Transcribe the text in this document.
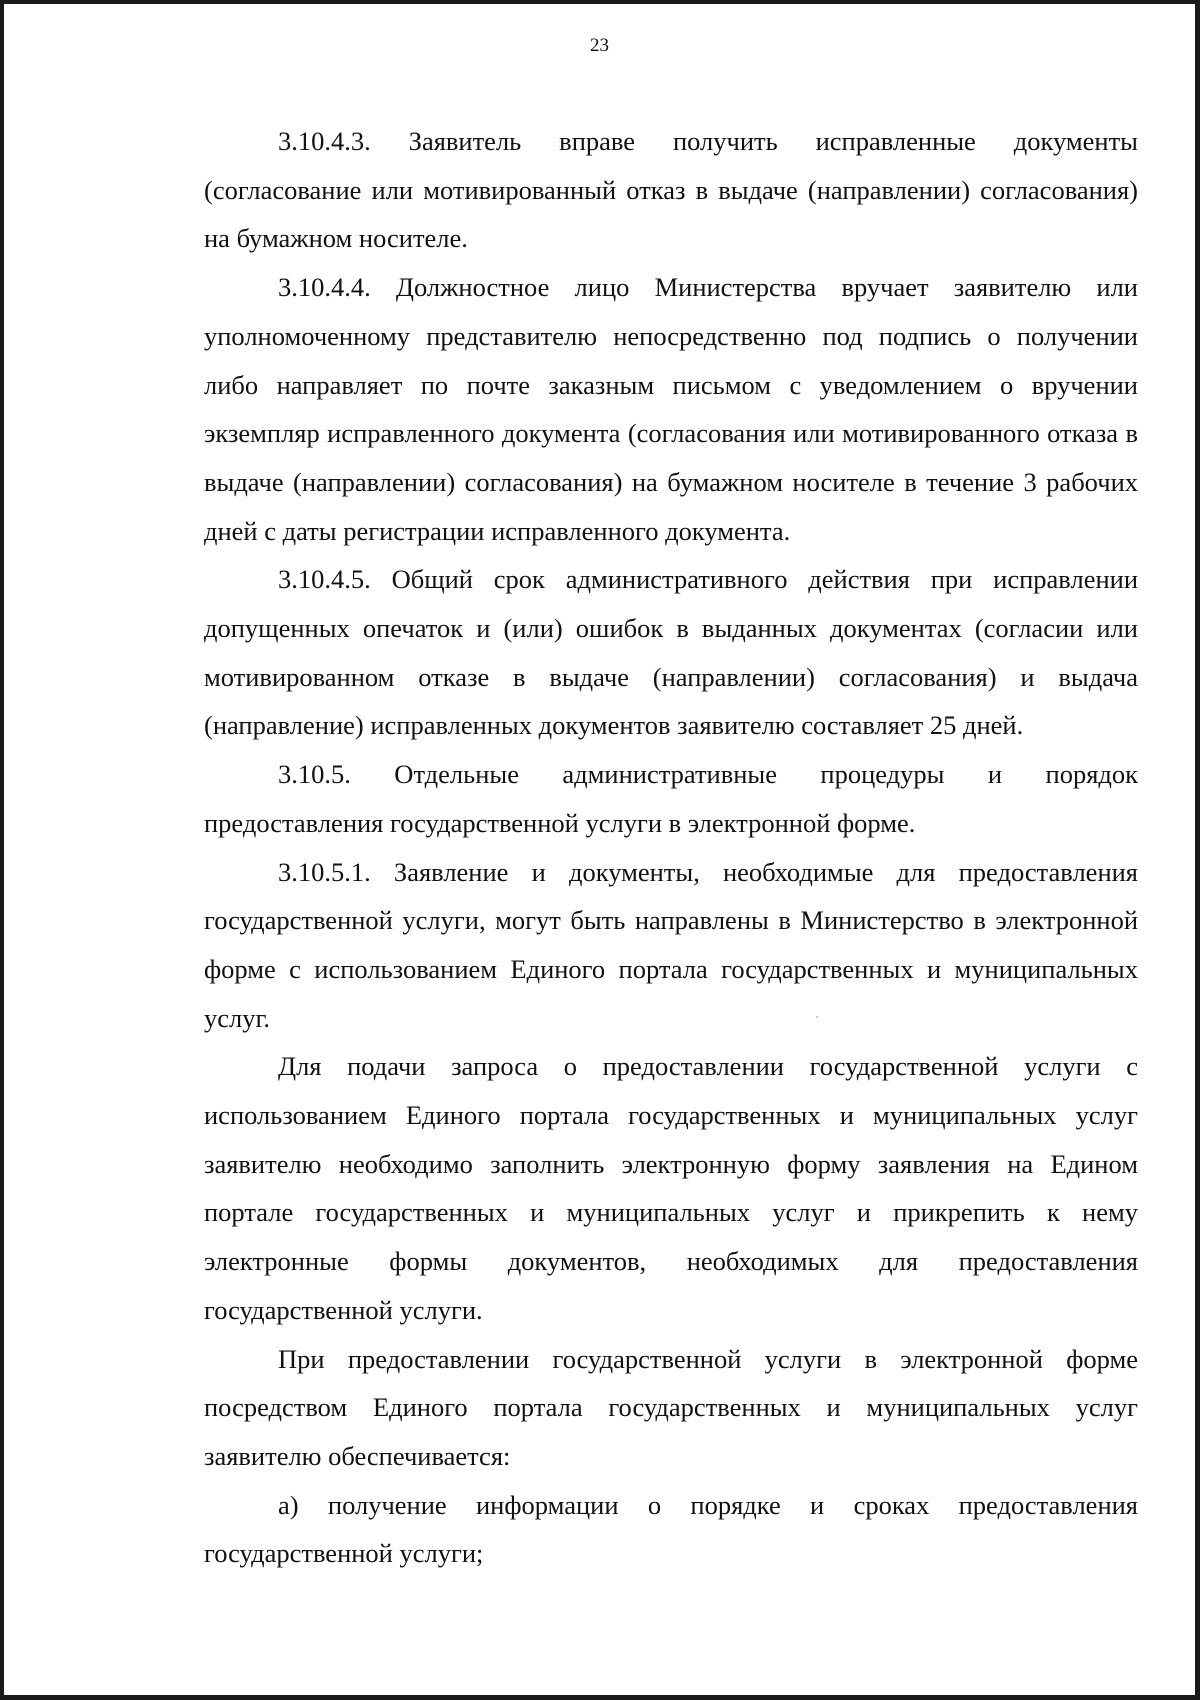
23

3.10.4.3. Заявитель вправе получить исправленные документы (согласование или мотивированный отказ в выдаче (направлении) согласования) на бумажном носителе.

3.10.4.4. Должностное лицо Министерства вручает заявителю или уполномоченному представителю непосредственно под подпись о получении либо направляет по почте заказным письмом с уведомлением о вручении экземпляр исправленного документа (согласования или мотивированного отказа в выдаче (направлении) согласования) на бумажном носителе в течение 3 рабочих дней с даты регистрации исправленного документа.

3.10.4.5. Общий срок административного действия при исправлении допущенных опечаток и (или) ошибок в выданных документах (согласии или мотивированном отказе в выдаче (направлении) согласования) и выдача (направление) исправленных документов заявителю составляет 25 дней.

3.10.5. Отдельные административные процедуры и порядок предоставления государственной услуги в электронной форме.

3.10.5.1. Заявление и документы, необходимые для предоставления государственной услуги, могут быть направлены в Министерство в электронной форме с использованием Единого портала государственных и муниципальных услуг.

Для подачи запроса о предоставлении государственной услуги с использованием Единого портала государственных и муниципальных услуг заявителю необходимо заполнить электронную форму заявления на Едином портале государственных и муниципальных услуг и прикрепить к нему электронные формы документов, необходимых для предоставления государственной услуги.

При предоставлении государственной услуги в электронной форме посредством Единого портала государственных и муниципальных услуг заявителю обеспечивается:

а) получение информации о порядке и сроках предоставления государственной услуги;
